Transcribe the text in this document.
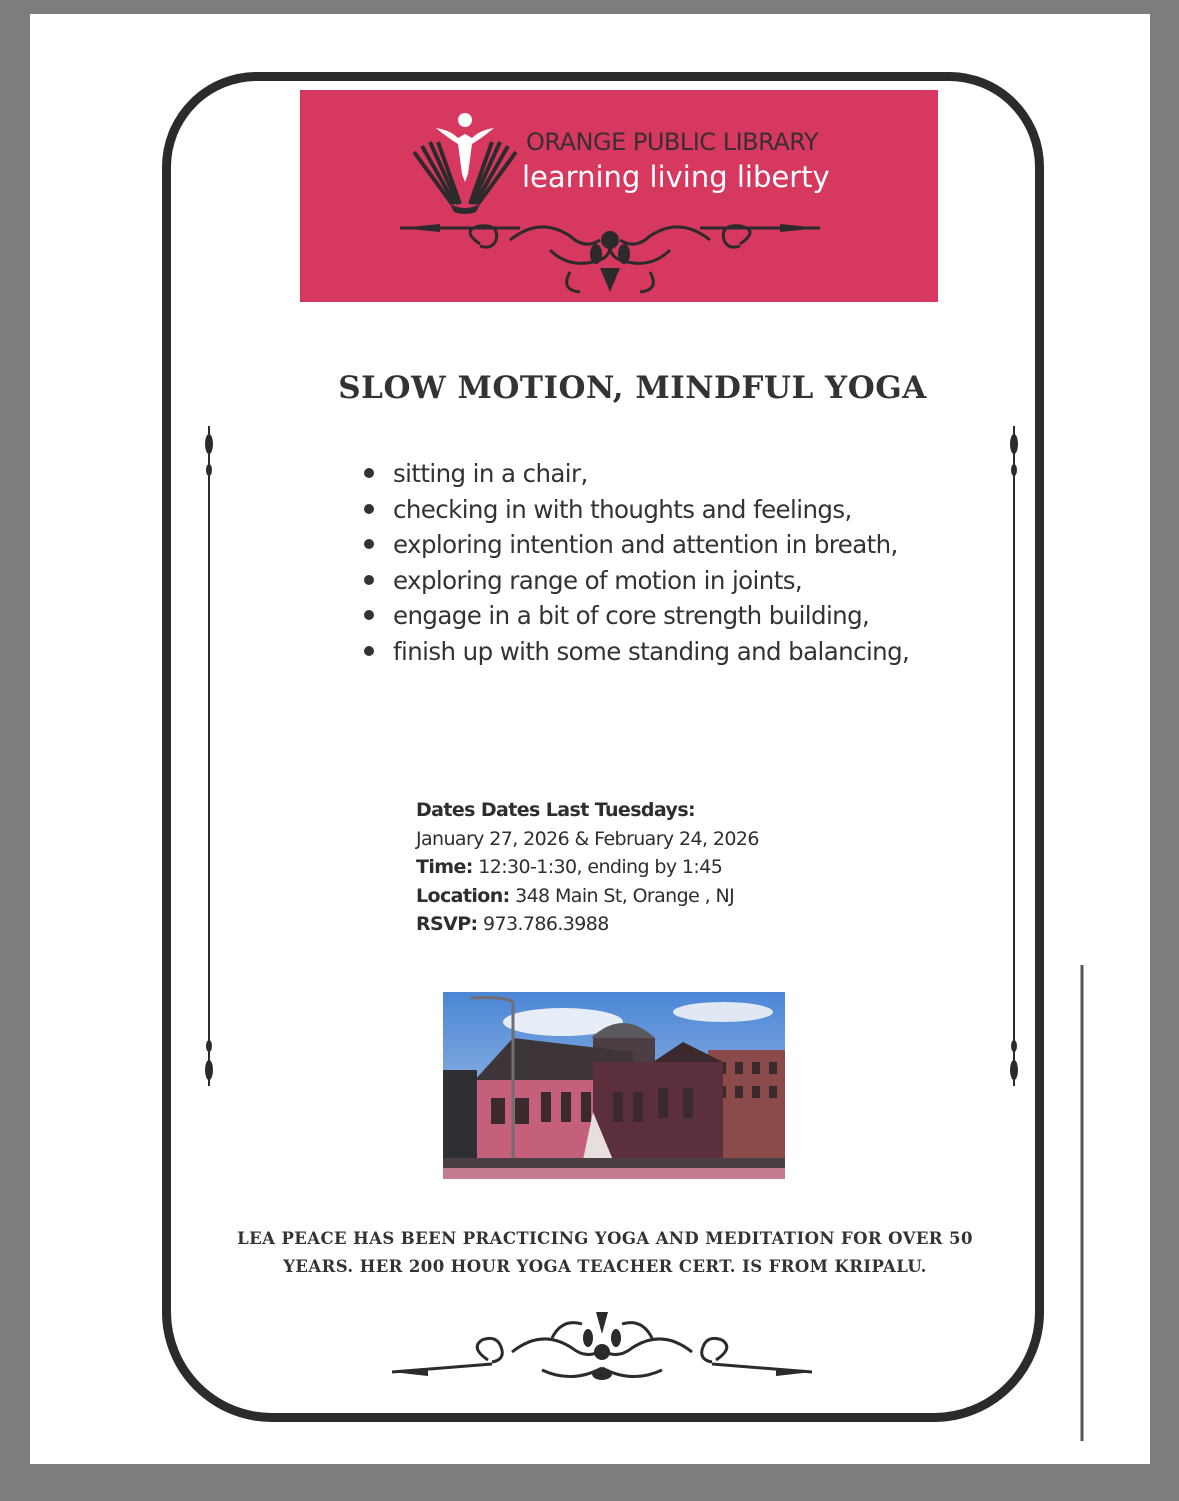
ORANGE PUBLIC LIBRARY
learning living liberty
SLOW MOTION, MINDFUL YOGA
sitting in a chair,
checking in with thoughts and feelings,
exploring intention and attention in breath,
exploring range of motion in joints,
engage in a bit of core strength building,
finish up with some standing and balancing,
Dates Dates Last Tuesdays:
January 27, 2026 & February 24, 2026
Time: 12:30-1:30, ending by 1:45
Location: 348 Main St, Orange , NJ
RSVP: 973.786.3988
LEA PEACE HAS BEEN PRACTICING YOGA AND MEDITATION FOR OVER 50 YEARS. HER 200 HOUR YOGA TEACHER CERT. IS FROM KRIPALU.
